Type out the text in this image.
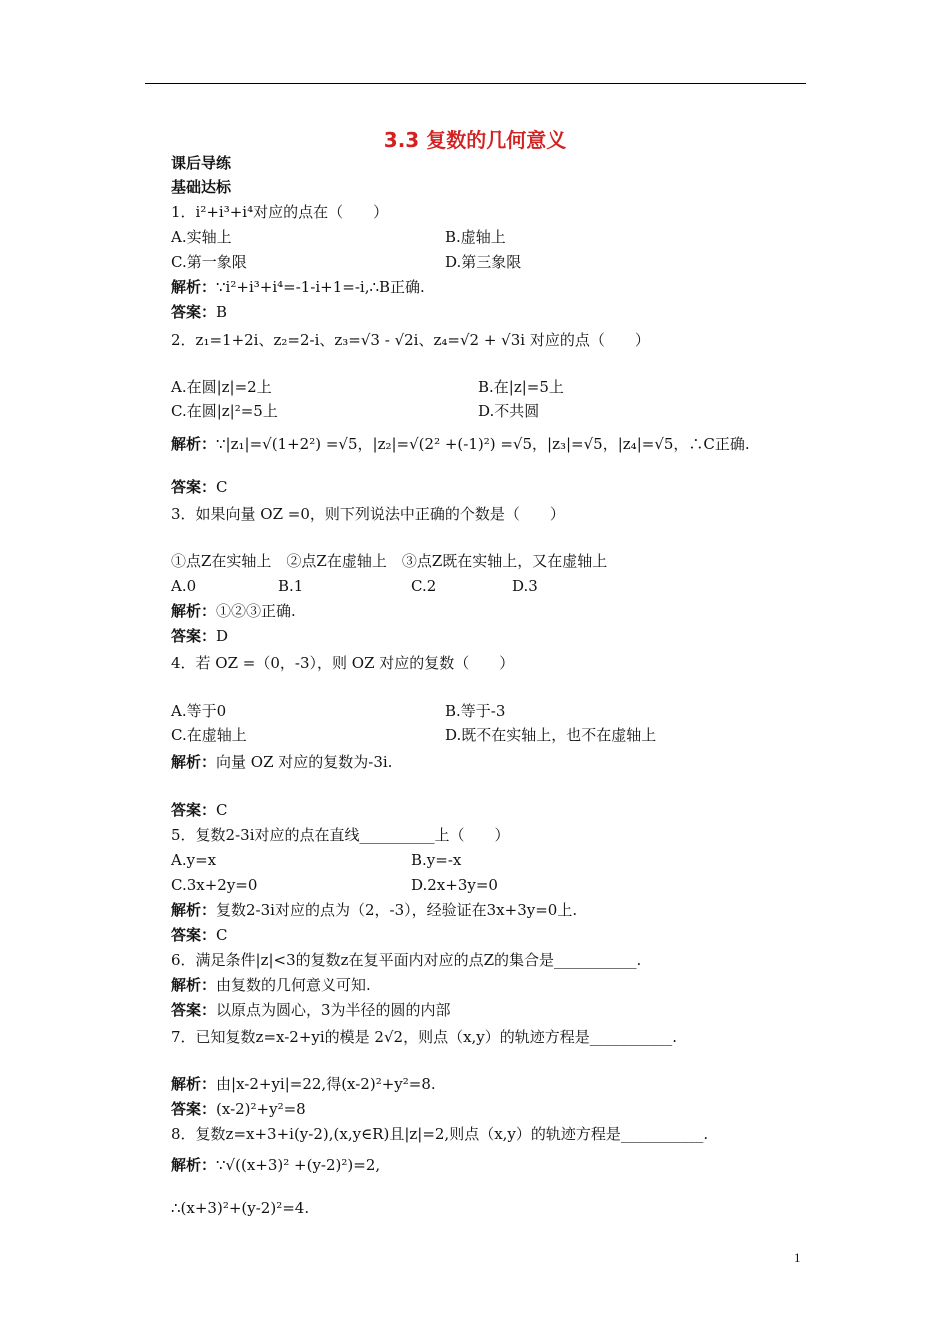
3.3 复数的几何意义
课后导练
基础达标
1．i²+i³+i⁴对应的点在（　　）
A.实轴上	B.虚轴上
C.第一象限	D.第三象限
解析：∵i²+i³+i⁴=-1-i+1=-i,∴B正确.
答案：B
2．z₁=1+2i、z₂=2-i、z₃=√3 - √2i、z₄=√2 + √3i 对应的点（　　）
A.在圆|z|=2上	B.在|z|=5上
C.在圆|z|²=5上	D.不共圆
解析：∵|z₁|=√(1+2²) =√5，|z₂|=√(2² +(-1)²) =√5，|z₃|=√5，|z₄|=√5，∴C正确.
答案：C
3．如果向量 OZ =0，则下列说法中正确的个数是（　　）
①点Z在实轴上　②点Z在虚轴上　③点Z既在实轴上，又在虚轴上
A.0	B.1	C.2	D.3
解析：①②③正确.
答案：D
4．若 OZ =（0，-3），则 OZ 对应的复数（　　）
A.等于0	B.等于-3
C.在虚轴上	D.既不在实轴上，也不在虚轴上
解析：向量 OZ 对应的复数为-3i.
答案：C
5．复数2-3i对应的点在直线__________上（　　）
A.y=x	B.y=-x
C.3x+2y=0	D.2x+3y=0
解析：复数2-3i对应的点为（2，-3），经验证在3x+3y=0上.
答案：C
6．满足条件|z|<3的复数z在复平面内对应的点Z的集合是___________.
解析：由复数的几何意义可知.
答案：以原点为圆心，3为半径的圆的内部
7．已知复数z=x-2+yi的模是 2√2，则点（x,y）的轨迹方程是___________.
解析：由|x-2+yi|=22,得(x-2)²+y²=8.
答案：(x-2)²+y²=8
8．复数z=x+3+i(y-2),(x,y∈R)且|z|=2,则点（x,y）的轨迹方程是___________.
解析：∵√((x+3)² +(y-2)²)=2,
∴(x+3)²+(y-2)²=4.
1
